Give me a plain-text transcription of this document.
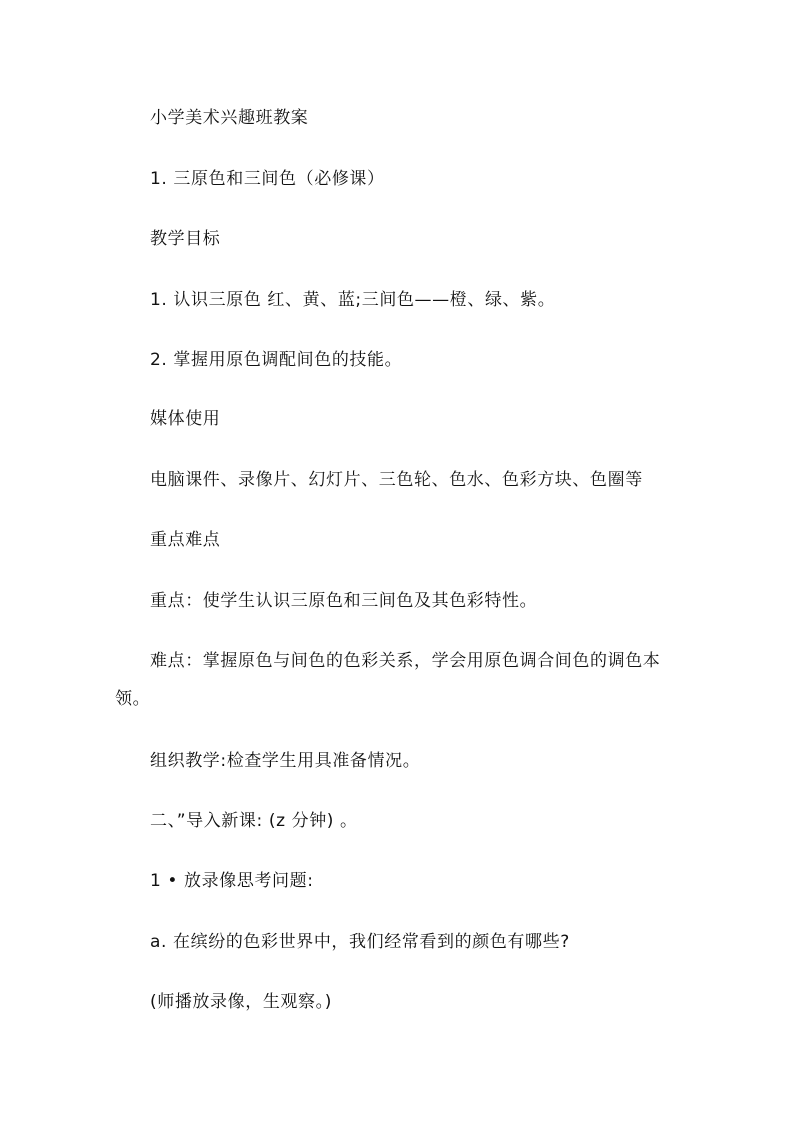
小学美术兴趣班教案
1. 三原色和三间色（必修课）
教学目标
1. 认识三原色 红、黄、蓝;三间色——橙、绿、紫。
2. 掌握用原色调配间色的技能。
媒体使用
电脑课件、录像片、幻灯片、三色轮、色水、色彩方块、色圈等
重点难点
重点：使学生认识三原色和三间色及其色彩特性。
难点：掌握原色与间色的色彩关系，学会用原色调合间色的调色本领。
组织教学:检查学生用具准备情况。
二、”导入新课: (z 分钟) 。
1 • 放录像思考问题:
a. 在缤纷的色彩世界中，我们经常看到的颜色有哪些?
(师播放录像，生观察。)
